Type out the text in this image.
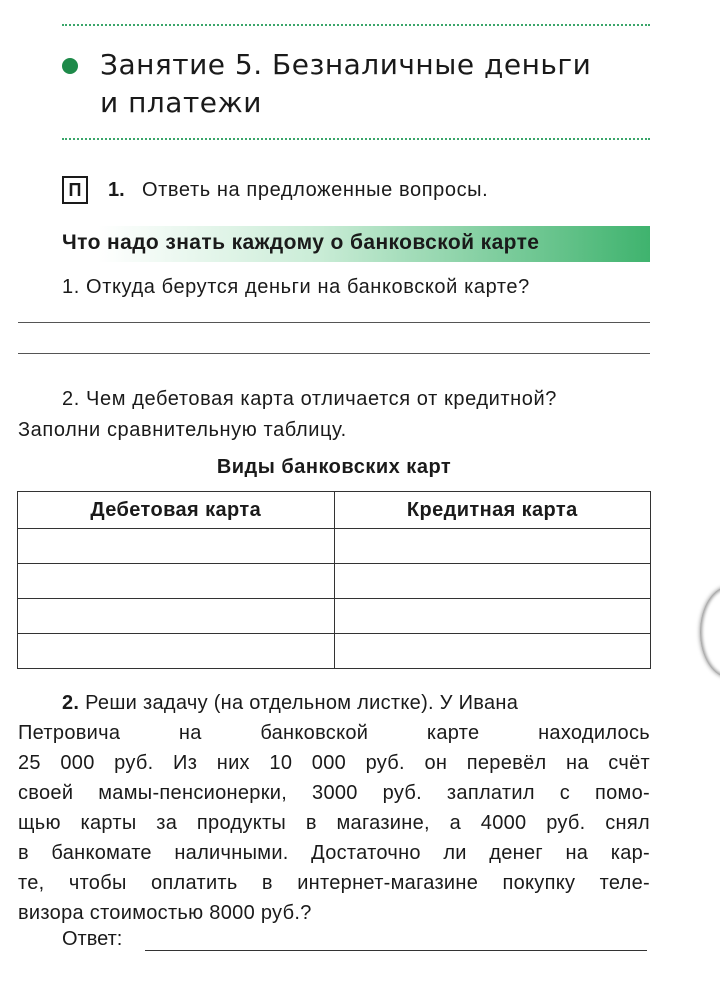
Занятие 5. Безналичные деньги
и платежи
П	1. Ответь на предложенные вопросы.
Что надо знать каждому о банковской карте
1. Откуда берутся деньги на банковской карте?
2. Чем дебетовая карта отличается от кредитной?
Заполни сравнительную таблицу.
Виды банковских карт
Дебетовая карта	Кредитная карта

2. Реши задачу (на отдельном листке). У Ивана
Петровича на банковской карте находилось
25 000 руб. Из них 10 000 руб. он перевёл на счёт
своей мамы-пенсионерки, 3000 руб. заплатил с помо-
щью карты за продукты в магазине, а 4000 руб. снял
в банкомате наличными. Достаточно ли денег на кар-
те, чтобы оплатить в интернет-магазине покупку теле-
визора стоимостью 8000 руб.?
Ответ:
